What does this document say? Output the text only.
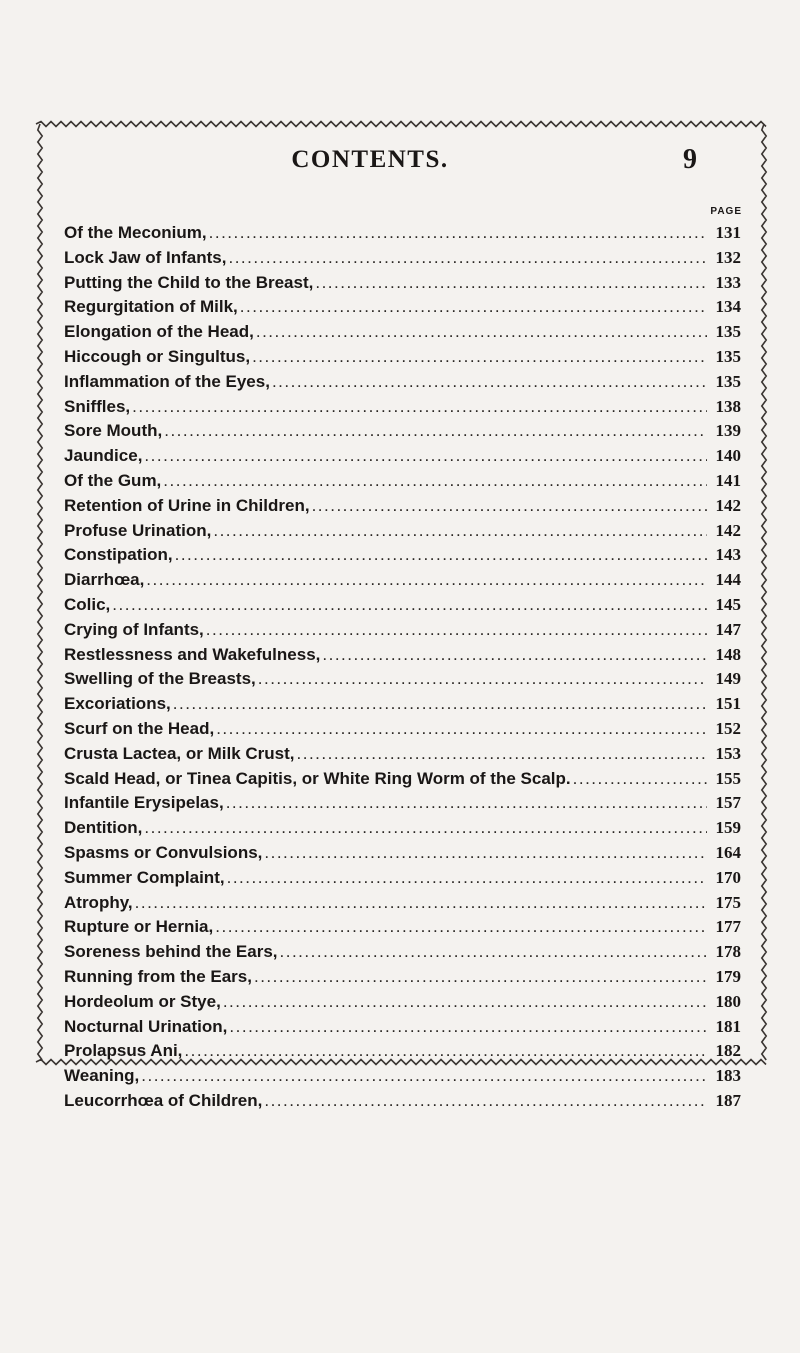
CONTENTS.	9
PAGE
Of the Meconium, .....	131
Lock Jaw of Infants, .....	132
Putting the Child to the Breast, .....	133
Regurgitation of Milk, .....	134
Elongation of the Head, .....	135
Hiccough or Singultus, .....	135
Inflammation of the Eyes, .....	135
Sniffles, .....	138
Sore Mouth, .....	139
Jaundice, .....	140
Of the Gum, .....	141
Retention of Urine in Children, .....	142
Profuse Urination, .....	142
Constipation, .....	143
Diarrhœa, .....	144
Colic, .....	145
Crying of Infants, .....	147
Restlessness and Wakefulness, .....	148
Swelling of the Breasts, .....	149
Excoriations, .....	151
Scurf on the Head, .....	152
Crusta Lactea, or Milk Crust, .....	153
Scald Head, or Tinea Capitis, or White Ring Worm of the Scalp. .....	155
Infantile Erysipelas, .....	157
Dentition, .....	159
Spasms or Convulsions, .....	164
Summer Complaint, .....	170
Atrophy, .....	175
Rupture or Hernia, .....	177
Soreness behind the Ears, .....	178
Running from the Ears, .....	179
Hordeolum or Stye, .....	180
Nocturnal Urination, .....	181
Prolapsus Ani, .....	182
Weaning, .....	183
Leucorrhœa of Children, .....	187
